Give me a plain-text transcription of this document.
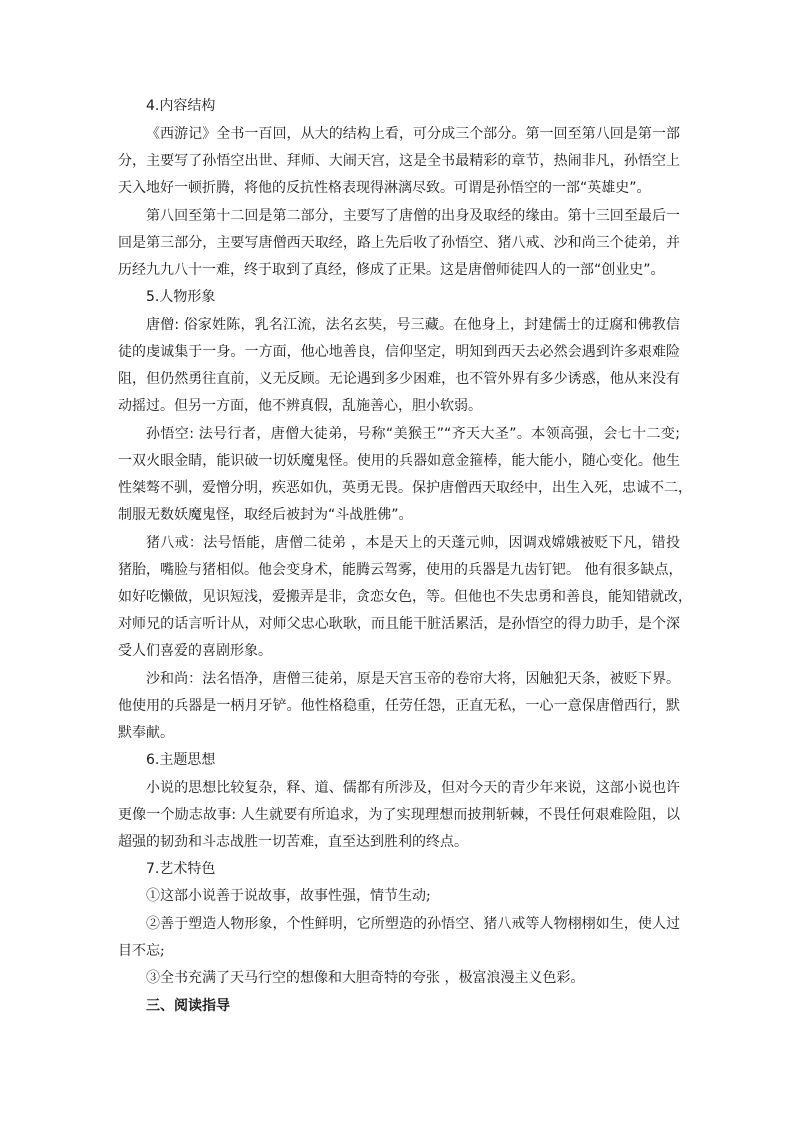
4.内容结构
《西游记》全书一百回，从大的结构上看，可分成三个部分。第一回至第八回是第一部
分，主要写了孙悟空出世、拜师、大闹天宫，这是全书最精彩的章节，热闹非凡，孙悟空上
天入地好一顿折腾，将他的反抗性格表现得淋漓尽致。可谓是孙悟空的一部“英雄史”。
第八回至第十二回是第二部分，主要写了唐僧的出身及取经的缘由。第十三回至最后一
回是第三部分，主要写唐僧西天取经，路上先后收了孙悟空、猪八戒、沙和尚三个徒弟，并
历经九九八十一难，终于取到了真经，修成了正果。这是唐僧师徒四人的一部“创业史”。
5.人物形象
唐僧: 俗家姓陈，乳名江流，法名玄奘，号三藏。在他身上，封建儒士的迂腐和佛教信
徒的虔诚集于一身。一方面，他心地善良，信仰坚定，明知到西天去必然会遇到许多艰难险
阻，但仍然勇往直前，义无反顾。无论遇到多少困难，也不管外界有多少诱惑，他从来没有
动摇过。但另一方面，他不辨真假，乱施善心，胆小软弱。
孙悟空: 法号行者，唐僧大徒弟，号称“美猴王”“齐天大圣”。本领高强，会七十二变;
一双火眼金睛，能识破一切妖魔鬼怪。使用的兵器如意金箍棒，能大能小，随心变化。他生
性桀骜不驯，爱憎分明，疾恶如仇，英勇无畏。保护唐僧西天取经中，出生入死，忠诚不二，
制服无数妖魔鬼怪，取经后被封为“斗战胜佛”。
猪八戒：法号悟能，唐僧二徒弟 ，本是天上的天蓬元帅，因调戏嫦娥被贬下凡，错投
猪胎，嘴脸与猪相似。他会变身术，能腾云驾雾，使用的兵器是九齿钉钯。 他有很多缺点，
如好吃懒做，见识短浅，爱搬弄是非，贪恋女色，等。但他也不失忠勇和善良，能知错就改，
对师兄的话言听计从，对师父忠心耿耿，而且能干脏活累活，是孙悟空的得力助手，是个深
受人们喜爱的喜剧形象。
沙和尚：法名悟净，唐僧三徒弟，原是天宫玉帝的卷帘大将，因触犯天条，被贬下界。
他使用的兵器是一柄月牙铲。他性格稳重，任劳任怨，正直无私，一心一意保唐僧西行，默
默奉献。
6.主题思想
小说的思想比较复杂，释、道、儒都有所涉及，但对今天的青少年来说，这部小说也许
更像一个励志故事: 人生就要有所追求，为了实现理想而披荆斩棘，不畏任何艰难险阻，以
超强的韧劲和斗志战胜一切苦难，直至达到胜利的终点。
7.艺术特色
①这部小说善于说故事，故事性强，情节生动;
②善于塑造人物形象，个性鲜明，它所塑造的孙悟空、猪八戒等人物栩栩如生，使人过
目不忘;
③全书充满了天马行空的想像和大胆奇特的夸张 ，极富浪漫主义色彩。
三、阅读指导
